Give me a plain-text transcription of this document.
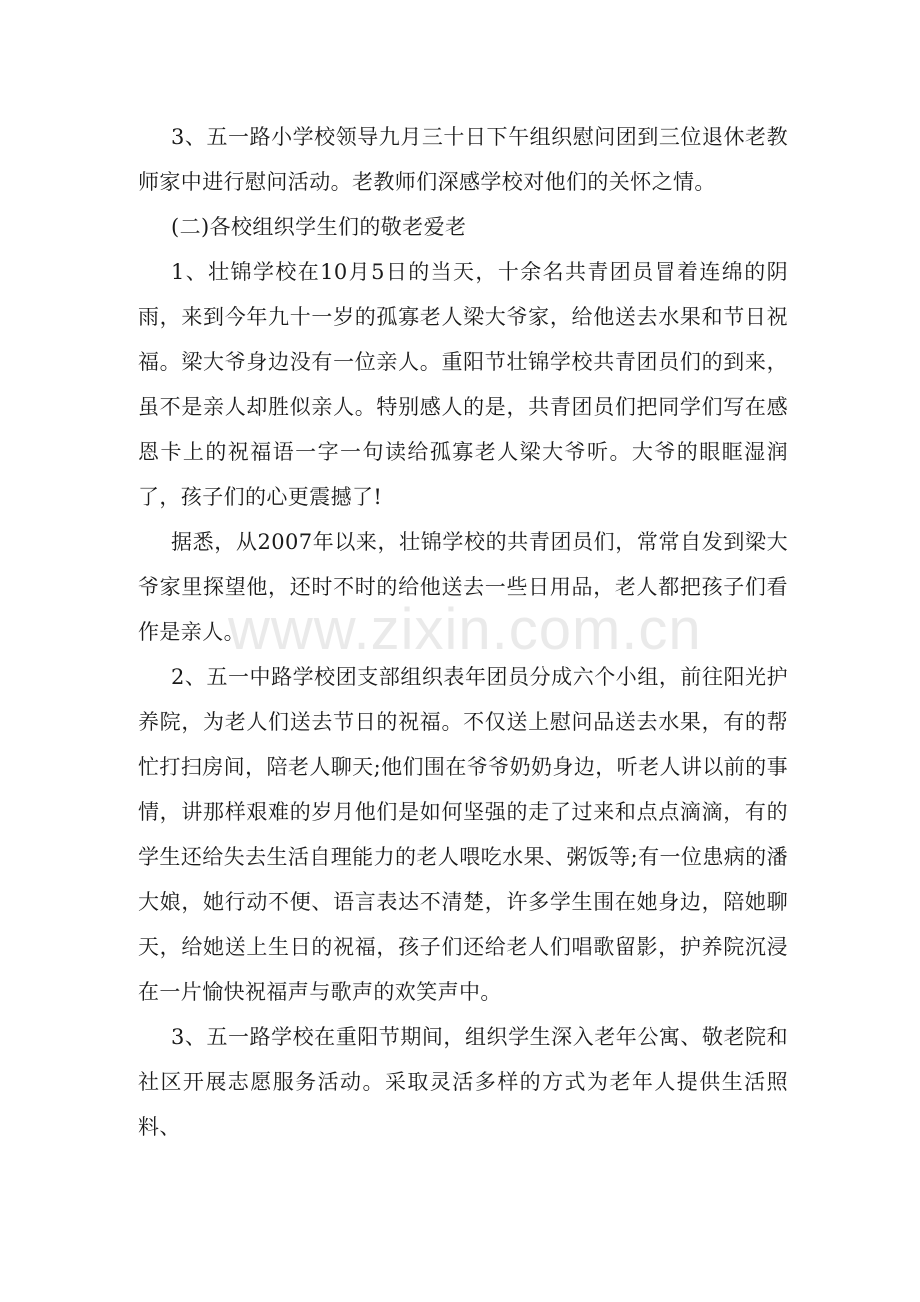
3、五一路小学校领导九月三十日下午组织慰问团到三位退休老教师家中进行慰问活动。老教师们深感学校对他们的关怀之情。

(二)各校组织学生们的敬老爱老

1、壮锦学校在10月5日的当天，十余名共青团员冒着连绵的阴雨，来到今年九十一岁的孤寡老人梁大爷家，给他送去水果和节日祝福。梁大爷身边没有一位亲人。重阳节壮锦学校共青团员们的到来，虽不是亲人却胜似亲人。特别感人的是，共青团员们把同学们写在感恩卡上的祝福语一字一句读给孤寡老人梁大爷听。大爷的眼眶湿润了，孩子们的心更震撼了!

据悉，从2007年以来，壮锦学校的共青团员们，常常自发到梁大爷家里探望他，还时不时的给他送去一些日用品，老人都把孩子们看作是亲人。

2、五一中路学校团支部组织表年团员分成六个小组，前往阳光护养院，为老人们送去节日的祝福。不仅送上慰问品送去水果，有的帮忙打扫房间，陪老人聊天;他们围在爷爷奶奶身边，听老人讲以前的事情，讲那样艰难的岁月他们是如何坚强的走了过来和点点滴滴，有的学生还给失去生活自理能力的老人喂吃水果、粥饭等;有一位患病的潘大娘，她行动不便、语言表达不清楚，许多学生围在她身边，陪她聊天，给她送上生日的祝福，孩子们还给老人们唱歌留影，护养院沉浸在一片愉快祝福声与歌声的欢笑声中。

3、五一路学校在重阳节期间，组织学生深入老年公寓、敬老院和社区开展志愿服务活动。采取灵活多样的方式为老年人提供生活照料、

www.zixin.com.cn
